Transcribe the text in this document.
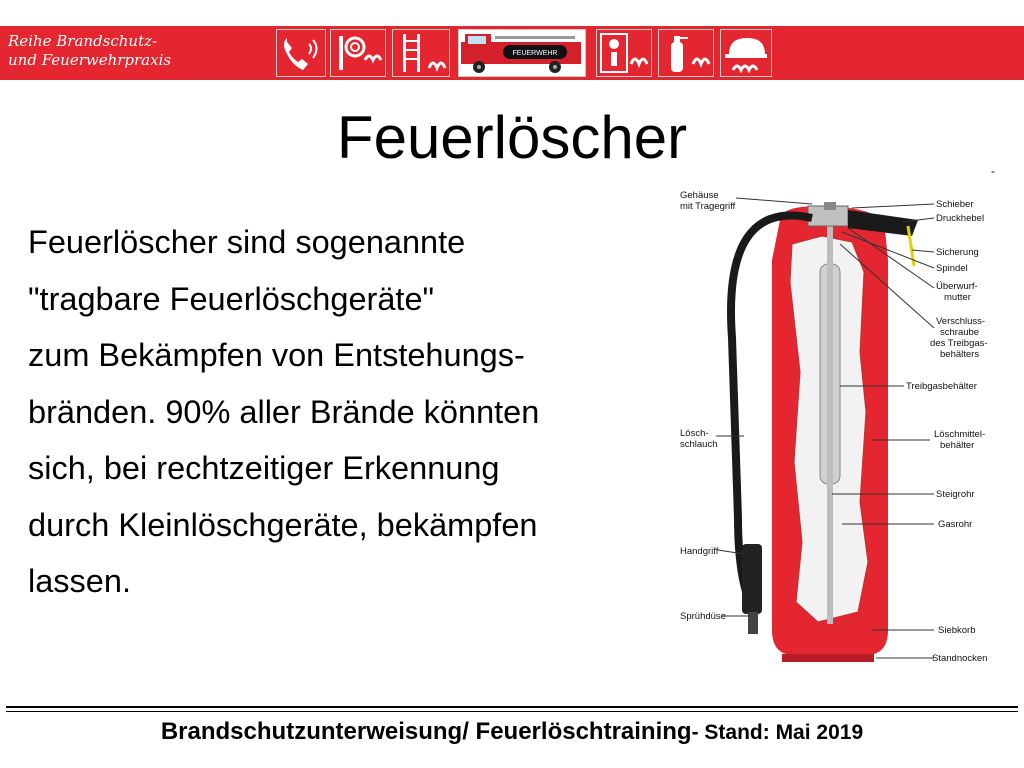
Reihe Brandschutz-
und Feuerwehrpraxis	FEUERWEHR
Feuerlöscher	-
Feuerlöscher sind sogenannte
"tragbare Feuerlöschgeräte"
zum Bekämpfen von Entstehungs-
bränden. 90% aller Brände könnten
sich, bei rechtzeitiger Erkennung
durch Kleinlöschgeräte, bekämpfen
lassen.
Gehäuse mit Tragegriff
Lösch-schlauch
Handgriff
Sprühdüse
Schieber
Druckhebel
Sicherung
Spindel
Überwurf-mutter
Verschluss-schraube des Treibgas-behälters
Treibgasbehälter
Löschmittel-behälter
Steigrohr
Gasrohr
Siebkorb
Standnocken
Brandschutzunterweisung/ Feuerlöschtraining- Stand: Mai 2019
